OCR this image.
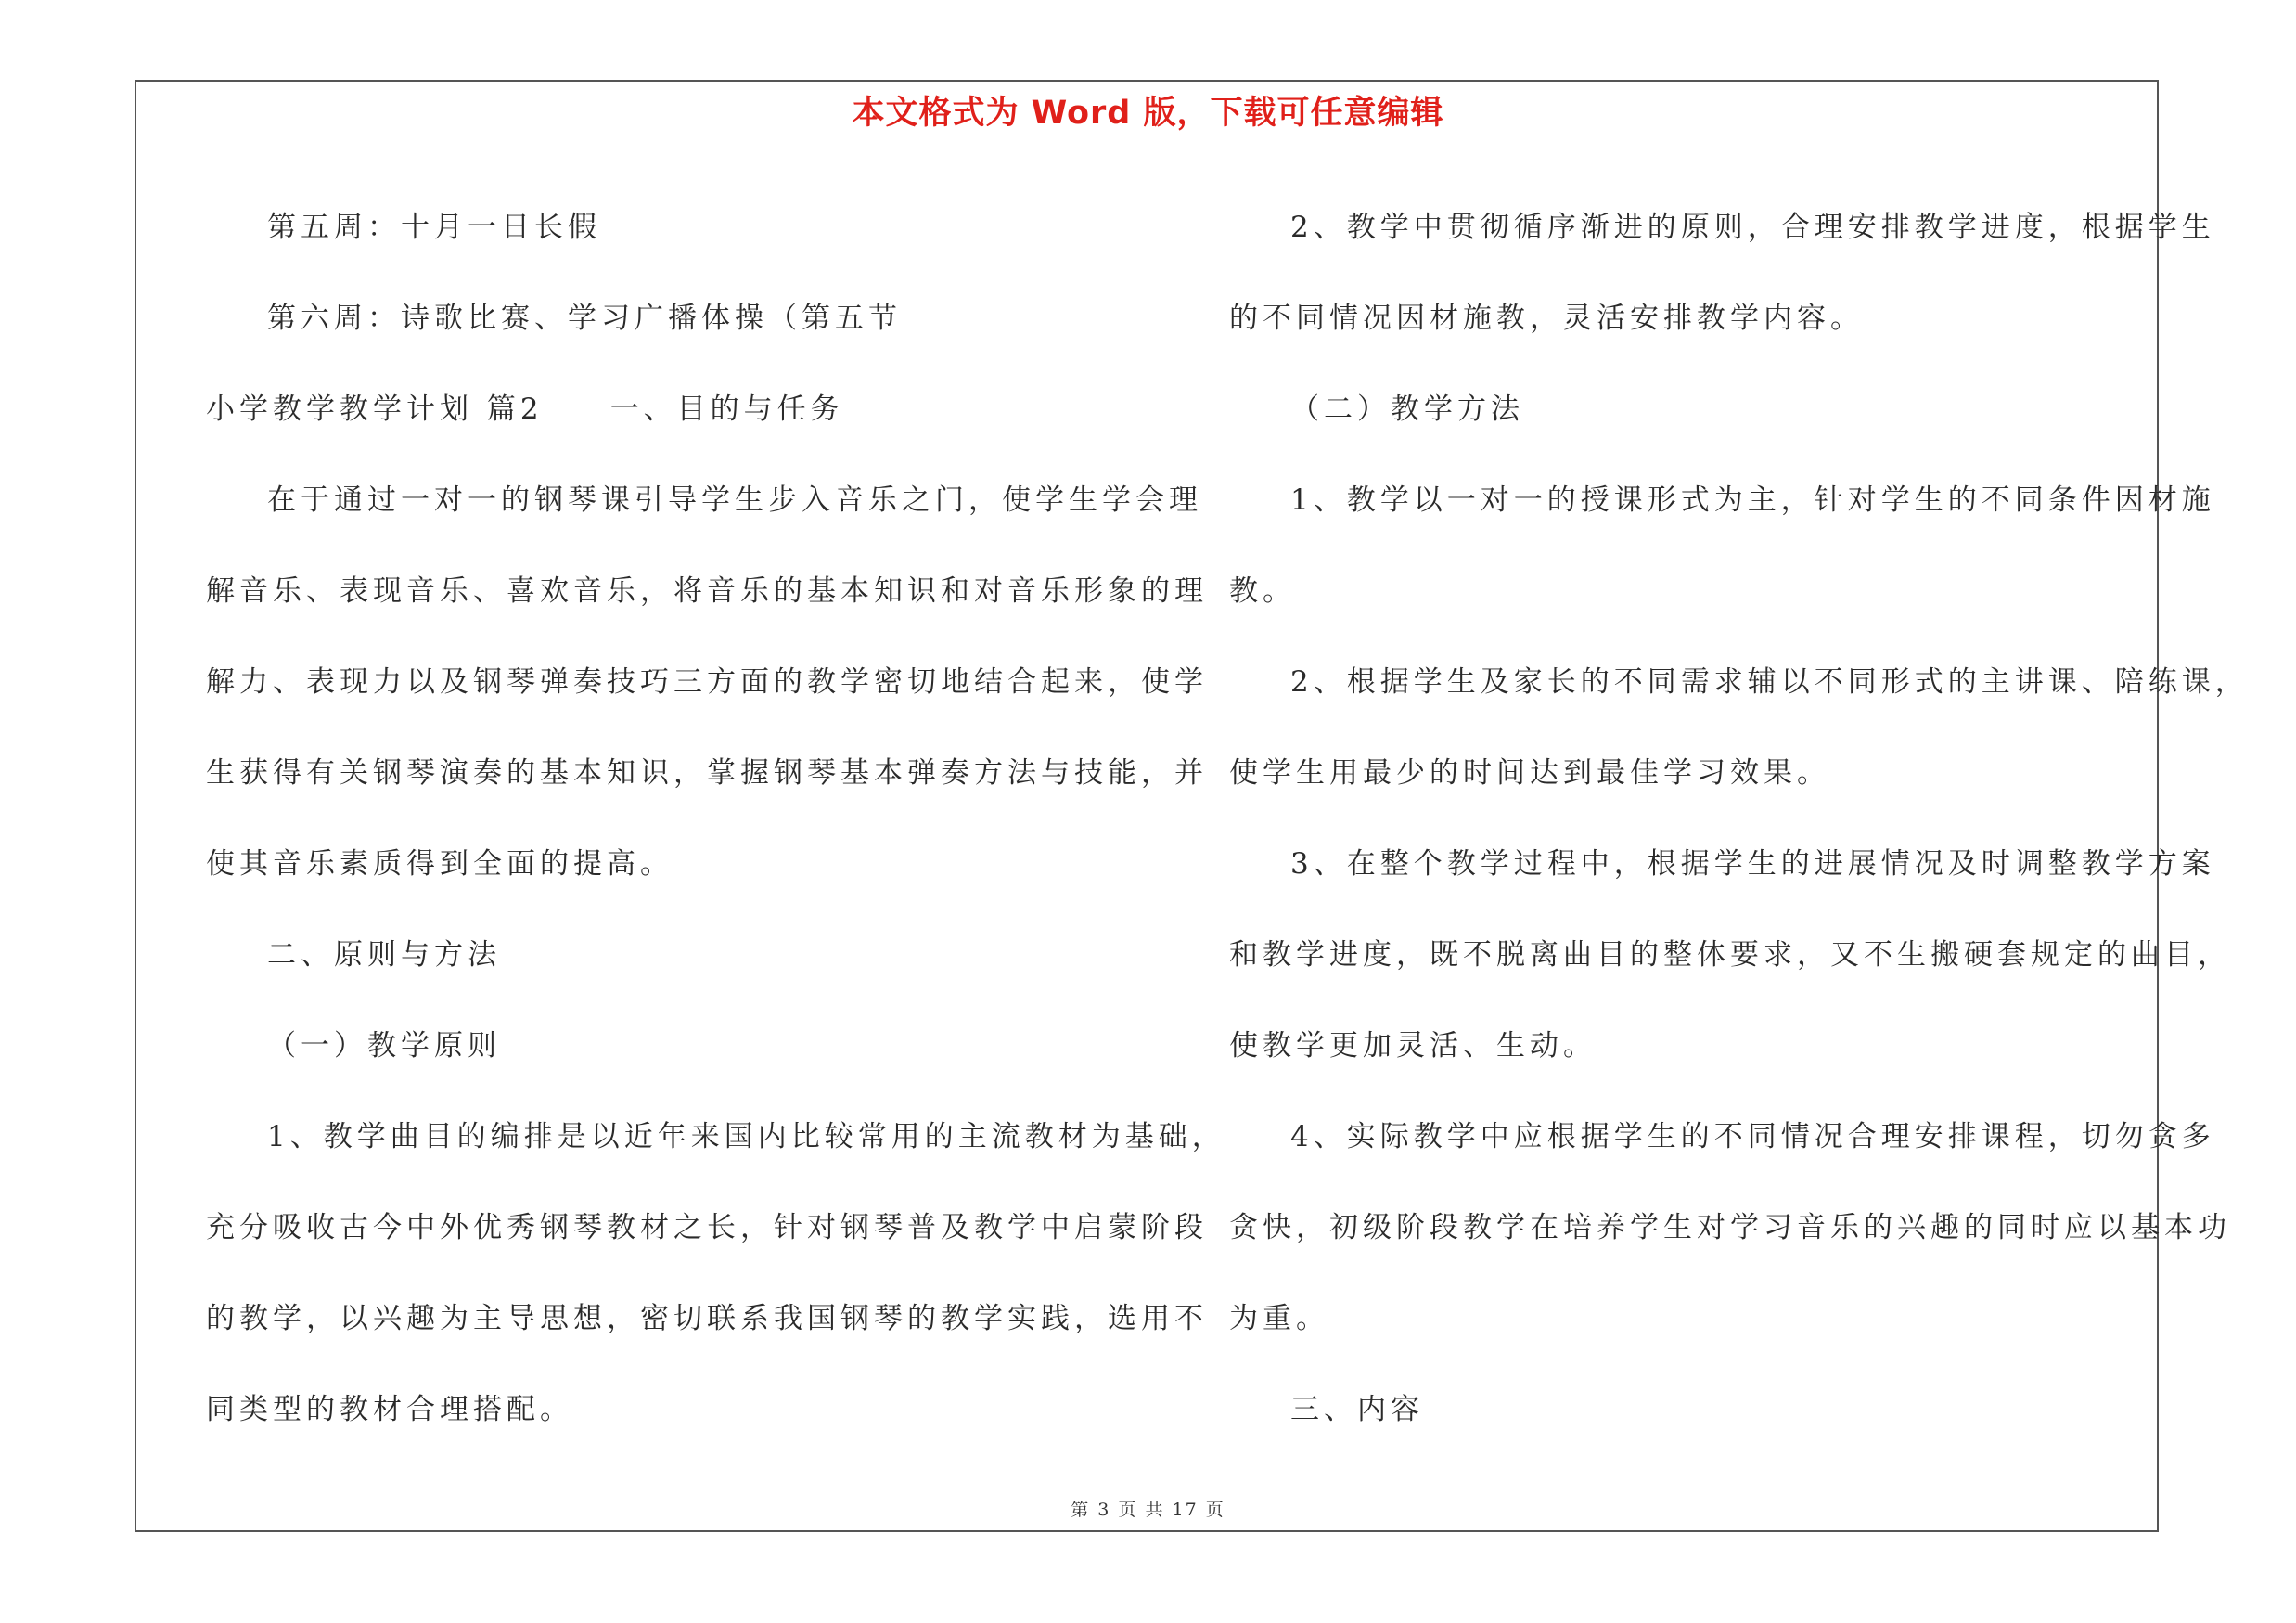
本文格式为 Word 版，下载可任意编辑

第五周：十月一日长假

第六周：诗歌比赛、学习广播体操（第五节

小学教学教学计划 篇2　　一、目的与任务

在于通过一对一的钢琴课引导学生步入音乐之门，使学生学会理

解音乐、表现音乐、喜欢音乐，将音乐的基本知识和对音乐形象的理

解力、表现力以及钢琴弹奏技巧三方面的教学密切地结合起来，使学

生获得有关钢琴演奏的基本知识，掌握钢琴基本弹奏方法与技能，并

使其音乐素质得到全面的提高。

二、原则与方法

（一）教学原则

1、教学曲目的编排是以近年来国内比较常用的主流教材为基础，

充分吸收古今中外优秀钢琴教材之长，针对钢琴普及教学中启蒙阶段

的教学，以兴趣为主导思想，密切联系我国钢琴的教学实践，选用不

同类型的教材合理搭配。

2、教学中贯彻循序渐进的原则，合理安排教学进度，根据学生

的不同情况因材施教，灵活安排教学内容。

（二）教学方法

1、教学以一对一的授课形式为主，针对学生的不同条件因材施

教。

2、根据学生及家长的不同需求辅以不同形式的主讲课、陪练课，

使学生用最少的时间达到最佳学习效果。

3、在整个教学过程中，根据学生的进展情况及时调整教学方案

和教学进度，既不脱离曲目的整体要求，又不生搬硬套规定的曲目，

使教学更加灵活、生动。

4、实际教学中应根据学生的不同情况合理安排课程，切勿贪多

贪快，初级阶段教学在培养学生对学习音乐的兴趣的同时应以基本功

为重。

三、内容

第 3 页 共 17 页
